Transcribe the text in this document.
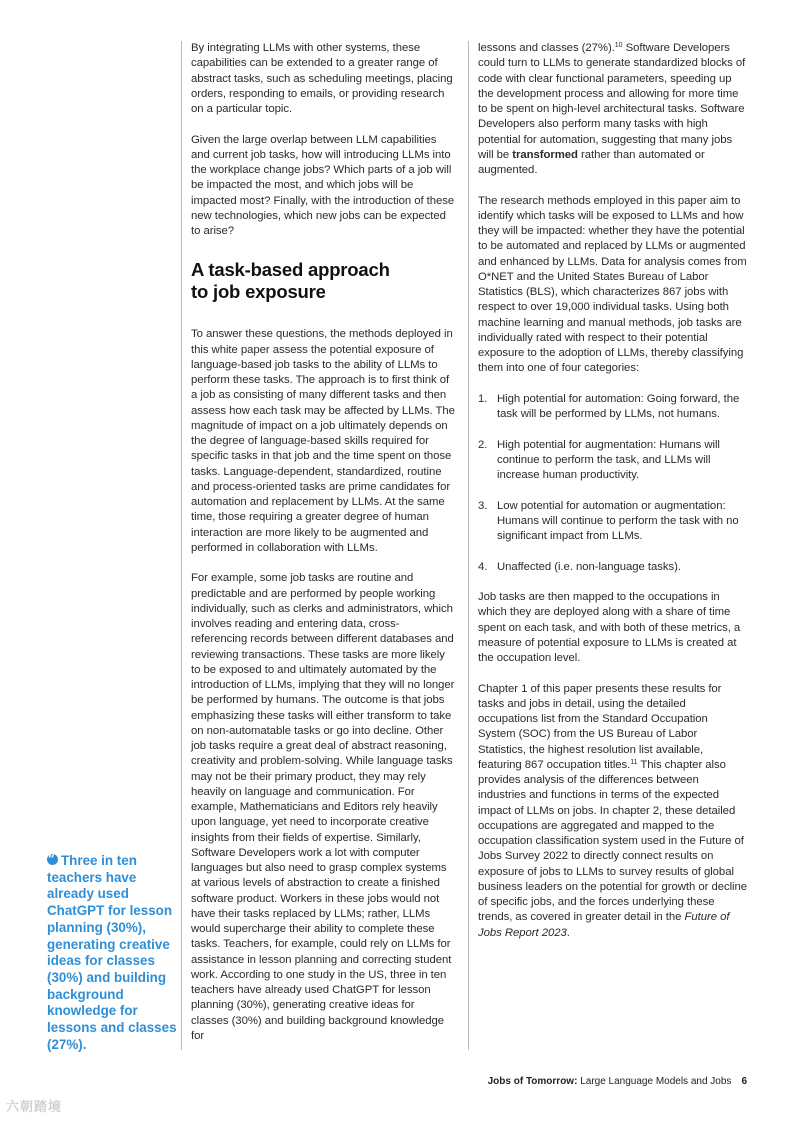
“Three in ten teachers have already used ChatGPT for lesson planning (30%), generating creative ideas for classes (30%) and building background knowledge for lessons and classes (27%).

By integrating LLMs with other systems, these capabilities can be extended to a greater range of abstract tasks, such as scheduling meetings, placing orders, responding to emails, or providing research on a particular topic.

Given the large overlap between LLM capabilities and current job tasks, how will introducing LLMs into the workplace change jobs? Which parts of a job will be impacted the most, and which jobs will be impacted most? Finally, with the introduction of these new technologies, which new jobs can be expected to arise?

A task-based approach
to job exposure

To answer these questions, the methods deployed in this white paper assess the potential exposure of language-based job tasks to the ability of LLMs to perform these tasks. The approach is to first think of a job as consisting of many different tasks and then assess how each task may be affected by LLMs. The magnitude of impact on a job ultimately depends on the degree of language-based skills required for specific tasks in that job and the time spent on those tasks. Language-dependent, standardized, routine and process-oriented tasks are prime candidates for automation and replacement by LLMs. At the same time, those requiring a greater degree of human interaction are more likely to be augmented and performed in collaboration with LLMs.

For example, some job tasks are routine and predictable and are performed by people working individually, such as clerks and administrators, which involves reading and entering data, cross-referencing records between different databases and reviewing transactions. These tasks are more likely to be exposed to and ultimately automated by the introduction of LLMs, implying that they will no longer be performed by humans. The outcome is that jobs emphasizing these tasks will either transform to take on non-automatable tasks or go into decline. Other job tasks require a great deal of abstract reasoning, creativity and problem-solving. While language tasks may not be their primary product, they may rely heavily on language and communication. For example, Mathematicians and Editors rely heavily upon language, yet need to incorporate creative insights from their fields of expertise. Similarly, Software Developers work a lot with computer languages but also need to grasp complex systems at various levels of abstraction to create a finished software product. Workers in these jobs would not have their tasks replaced by LLMs; rather, LLMs would supercharge their ability to complete these tasks. Teachers, for example, could rely on LLMs for assistance in lesson planning and correcting student work. According to one study in the US, three in ten teachers have already used ChatGPT for lesson planning (30%), generating creative ideas for classes (30%) and building background knowledge for

lessons and classes (27%).$^{10}$ Software Developers could turn to LLMs to generate standardized blocks of code with clear functional parameters, speeding up the development process and allowing for more time to be spent on high-level architectural tasks. Software Developers also perform many tasks with high potential for automation, suggesting that many jobs will be transformed rather than automated or augmented.

The research methods employed in this paper aim to identify which tasks will be exposed to LLMs and how they will be impacted: whether they have the potential to be automated and replaced by LLMs or augmented and enhanced by LLMs. Data for analysis comes from O*NET and the United States Bureau of Labor Statistics (BLS), which characterizes 867 jobs with respect to over 19,000 individual tasks. Using both machine learning and manual methods, job tasks are individually rated with respect to their potential exposure to the adoption of LLMs, thereby classifying them into one of four categories:

1. High potential for automation: Going forward, the task will be performed by LLMs, not humans.
2. High potential for augmentation: Humans will continue to perform the task, and LLMs will increase human productivity.
3. Low potential for automation or augmentation: Humans will continue to perform the task with no significant impact from LLMs.
4. Unaffected (i.e. non-language tasks).

Job tasks are then mapped to the occupations in which they are deployed along with a share of time spent on each task, and with both of these metrics, a measure of potential exposure to LLMs is created at the occupation level.

Chapter 1 of this paper presents these results for tasks and jobs in detail, using the detailed occupations list from the Standard Occupation System (SOC) from the US Bureau of Labor Statistics, the highest resolution list available, featuring 867 occupation titles.$^{11}$ This chapter also provides analysis of the differences between industries and functions in terms of the expected impact of LLMs on jobs. In chapter 2, these detailed occupations are aggregated and mapped to the occupation classification system used in the Future of Jobs Survey 2022 to directly connect results on exposure of jobs to LLMs to survey results of global business leaders on the potential for growth or decline of specific jobs, and the forces underlying these trends, as covered in greater detail in the Future of Jobs Report 2023.

Jobs of Tomorrow: Large Language Models and Jobs 6
六朝踏境
